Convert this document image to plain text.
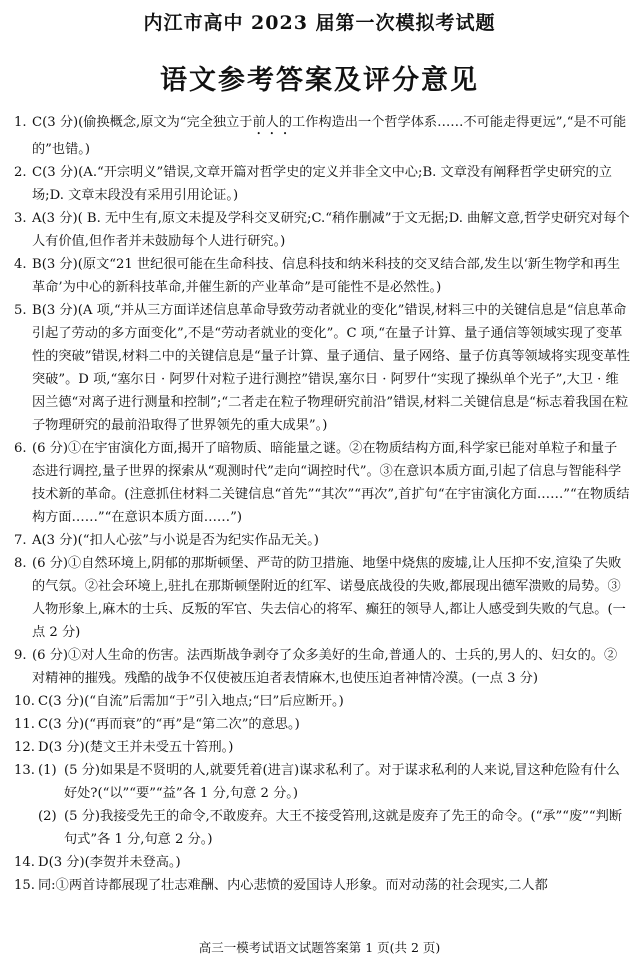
内江市高中 2023 届第一次模拟考试题
语文参考答案及评分意见

1. C(3 分)(偷换概念,原文为“完全独立于前人的工作构造出一个哲学体系……不可能走得更远”,“是不可能的”也错。)

2. C(3 分)(A.“开宗明义”错误,文章开篇对哲学史的定义并非全文中心;B. 文章没有阐释哲学史研究的立场;D. 文章末段没有采用引用论证。)

3. A(3 分)( B. 无中生有,原文未提及学科交叉研究;C.“稍作删减”于文无据;D. 曲解文意,哲学史研究对每个人有价值,但作者并未鼓励每个人进行研究。)

4. B(3 分)(原文“21 世纪很可能在生命科技、信息科技和纳米科技的交叉结合部,发生以‘新生物学和再生革命’为中心的新科技革命,并催生新的产业革命”是可能性不是必然性。)

5. B(3 分)(A 项,“并从三方面详述信息革命导致劳动者就业的变化”错误,材料三中的关键信息是“信息革命引起了劳动的多方面变化”,不是“劳动者就业的变化”。C 项,“在量子计算、量子通信等领域实现了变革性的突破”错误,材料二中的关键信息是“量子计算、量子通信、量子网络、量子仿真等领域将实现变革性突破”。D 项,“塞尔日 · 阿罗什对粒子进行测控”错误,塞尔日 · 阿罗什“实现了操纵单个光子”,大卫 · 维因兰德“对离子进行测量和控制”;“二者走在粒子物理研究前沿”错误,材料二关键信息是“标志着我国在粒子物理研究的最前沿取得了世界领先的重大成果”。)

6. (6 分)①在宇宙演化方面,揭开了暗物质、暗能量之谜。②在物质结构方面,科学家已能对单粒子和量子态进行调控,量子世界的探索从“观测时代”走向“调控时代”。③在意识本质方面,引起了信息与智能科学技术新的革命。(注意抓住材料二关键信息“首先”“其次”“再次”,首扩句“在宇宙演化方面……”“在物质结构方面……”“在意识本质方面……”)

7. A(3 分)(“扣人心弦”与小说是否为纪实作品无关。)

8. (6 分)①自然环境上,阴郁的那斯顿堡、严苛的防卫措施、地堡中烧焦的废墟,让人压抑不安,渲染了失败的气氛。②社会环境上,驻扎在那斯顿堡附近的红军、诺曼底战役的失败,都展现出德军溃败的局势。③人物形象上,麻木的士兵、反叛的军官、失去信心的将军、癫狂的领导人,都让人感受到失败的气息。(一点 2 分)

9. (6 分)①对人生命的伤害。法西斯战争剥夺了众多美好的生命,普通人的、士兵的,男人的、妇女的。②对精神的摧残。残酷的战争不仅使被压迫者表情麻木,也使压迫者神情冷漠。(一点 3 分)

10. C(3 分)(“自流”后需加“于”引入地点;“曰”后应断开。)

11. C(3 分)(“再而衰”的“再”是“第二次”的意思。)

12. D(3 分)(楚文王并未受五十笞刑。)

13. (1) (5 分)如果是不贤明的人,就要凭着(进言)谋求私利了。对于谋求私利的人来说,冒这种危险有什么好处?(“以”“要”“益”各 1 分,句意 2 分。)

(2) (5 分)我接受先王的命令,不敢废弃。大王不接受笞刑,这就是废弃了先王的命令。(“承”“废”“判断句式”各 1 分,句意 2 分。)

14. D(3 分)(李贺并未登高。)

15. 同:①两首诗都展现了壮志难酬、内心悲愤的爱国诗人形象。而对动荡的社会现实,二人都

高三一模考试语文试题答案第 1 页(共 2 页)
